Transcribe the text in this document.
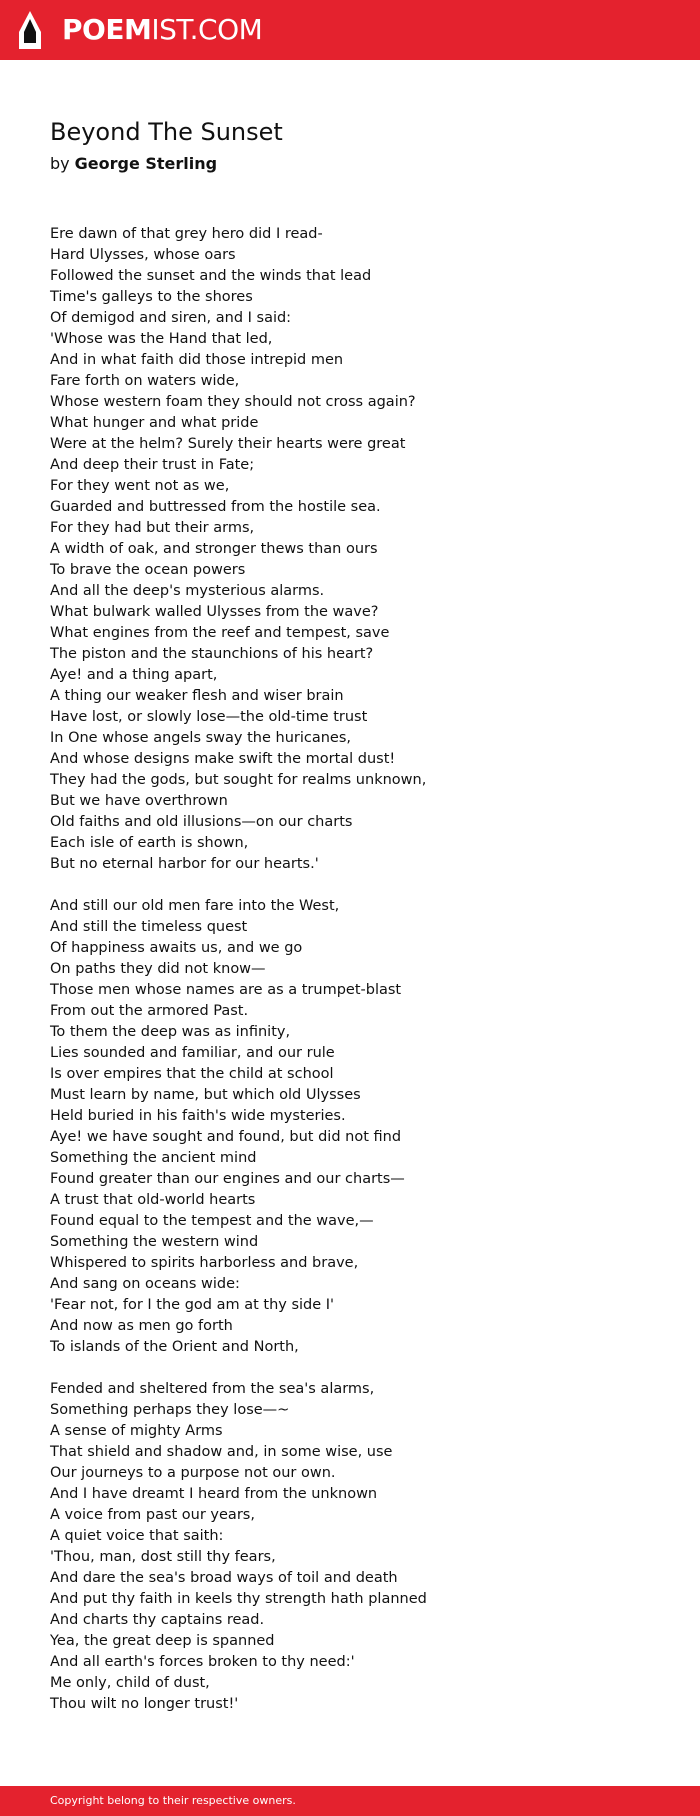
POEMIST.COM
Beyond The Sunset
by George Sterling
Ere dawn of that grey hero did I read-
Hard Ulysses, whose oars
Followed the sunset and the winds that lead
Time's galleys to the shores
Of demigod and siren, and I said:
'Whose was the Hand that led,
And in what faith did those intrepid men
Fare forth on waters wide,
Whose western foam they should not cross again?
What hunger and what pride
Were at the helm? Surely their hearts were great
And deep their trust in Fate;
For they went not as we,
Guarded and buttressed from the hostile sea.
For they had but their arms,
A width of oak, and stronger thews than ours
To brave the ocean powers
And all the deep's mysterious alarms.
What bulwark walled Ulysses from the wave?
What engines from the reef and tempest, save
The piston and the staunchions of his heart?
Aye! and a thing apart,
A thing our weaker flesh and wiser brain
Have lost, or slowly lose—the old-time trust
In One whose angels sway the huricanes,
And whose designs make swift the mortal dust!
They had the gods, but sought for realms unknown,
But we have overthrown
Old faiths and old illusions—on our charts
Each isle of earth is shown,
But no eternal harbor for our hearts.'
And still our old men fare into the West,
And still the timeless quest
Of happiness awaits us, and we go
On paths they did not know—
Those men whose names are as a trumpet-blast
From out the armored Past.
To them the deep was as infinity,
Lies sounded and familiar, and our rule
Is over empires that the child at school
Must learn by name, but which old Ulysses
Held buried in his faith's wide mysteries.
Aye! we have sought and found, but did not find
Something the ancient mind
Found greater than our engines and our charts—
A trust that old-world hearts
Found equal to the tempest and the wave,—
Something the western wind
Whispered to spirits harborless and brave,
And sang on oceans wide:
'Fear not, for I the god am at thy side I'
And now as men go forth
To islands of the Orient and North,
Fended and sheltered from the sea's alarms,
Something perhaps they lose—~
A sense of mighty Arms
That shield and shadow and, in some wise, use
Our journeys to a purpose not our own.
And I have dreamt I heard from the unknown
A voice from past our years,
A quiet voice that saith:
'Thou, man, dost still thy fears,
And dare the sea's broad ways of toil and death
And put thy faith in keels thy strength hath planned
And charts thy captains read.
Yea, the great deep is spanned
And all earth's forces broken to thy need:'
Me only, child of dust,
Thou wilt no longer trust!'
Copyright belong to their respective owners.
